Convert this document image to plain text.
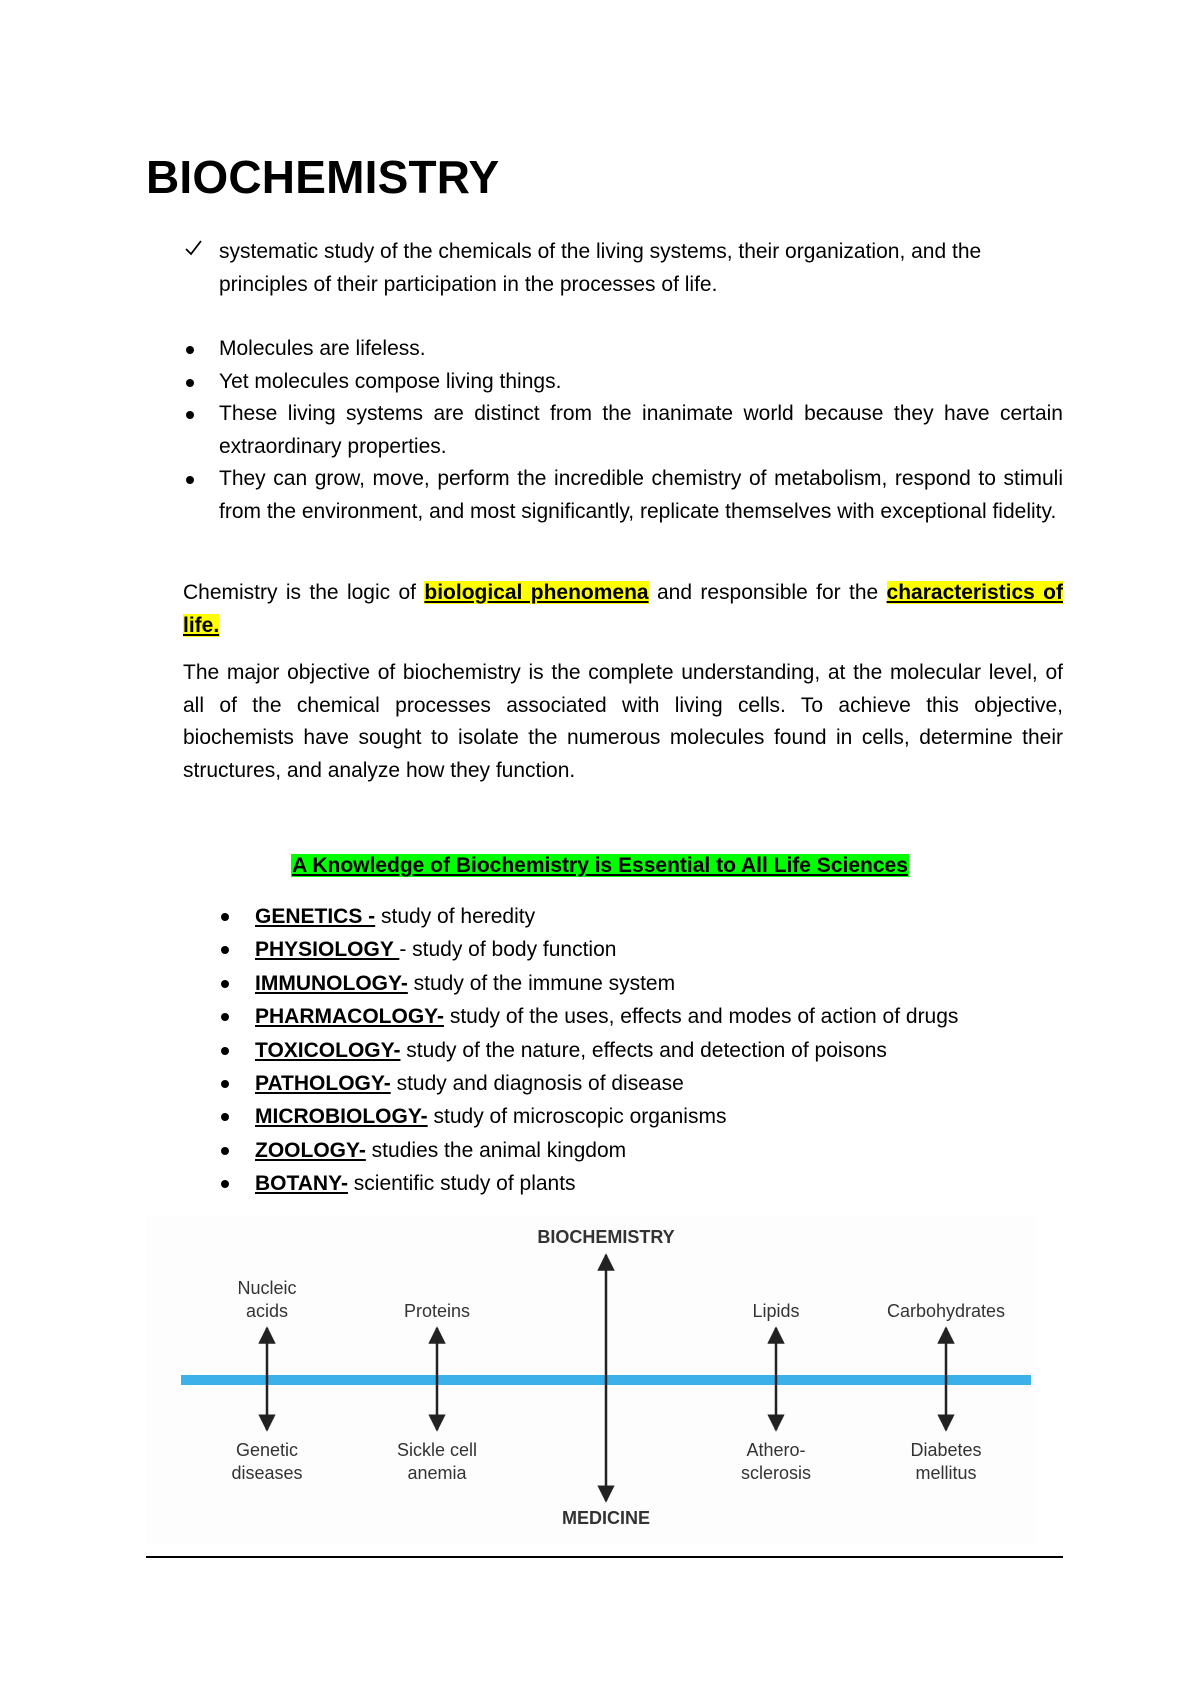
BIOCHEMISTRY
systematic study of the chemicals of the living systems, their organization, and the principles of their participation in the processes of life.
Molecules are lifeless.
Yet molecules compose living things.
These living systems are distinct from the inanimate world because they have certain extraordinary properties.
They can grow, move, perform the incredible chemistry of metabolism, respond to stimuli from the environment, and most significantly, replicate themselves with exceptional fidelity.

Chemistry is the logic of biological phenomena and responsible for the characteristics of life.

The major objective of biochemistry is the complete understanding, at the molecular level, of all of the chemical processes associated with living cells. To achieve this objective, biochemists have sought to isolate the numerous molecules found in cells, determine their structures, and analyze how they function.

A Knowledge of Biochemistry is Essential to All Life Sciences
GENETICS - study of heredity
PHYSIOLOGY - study of body function
IMMUNOLOGY- study of the immune system
PHARMACOLOGY- study of the uses, effects and modes of action of drugs
TOXICOLOGY- study of the nature, effects and detection of poisons
PATHOLOGY- study and diagnosis of disease
MICROBIOLOGY- study of microscopic organisms
ZOOLOGY- studies the animal kingdom
BOTANY- scientific study of plants
BIOCHEMISTRY
MEDICINE
Nucleic
acids
Genetic
diseases
Proteins
Sickle cell
anemia
Lipids
Athero-
sclerosis
Carbohydrates
Diabetes
mellitus
